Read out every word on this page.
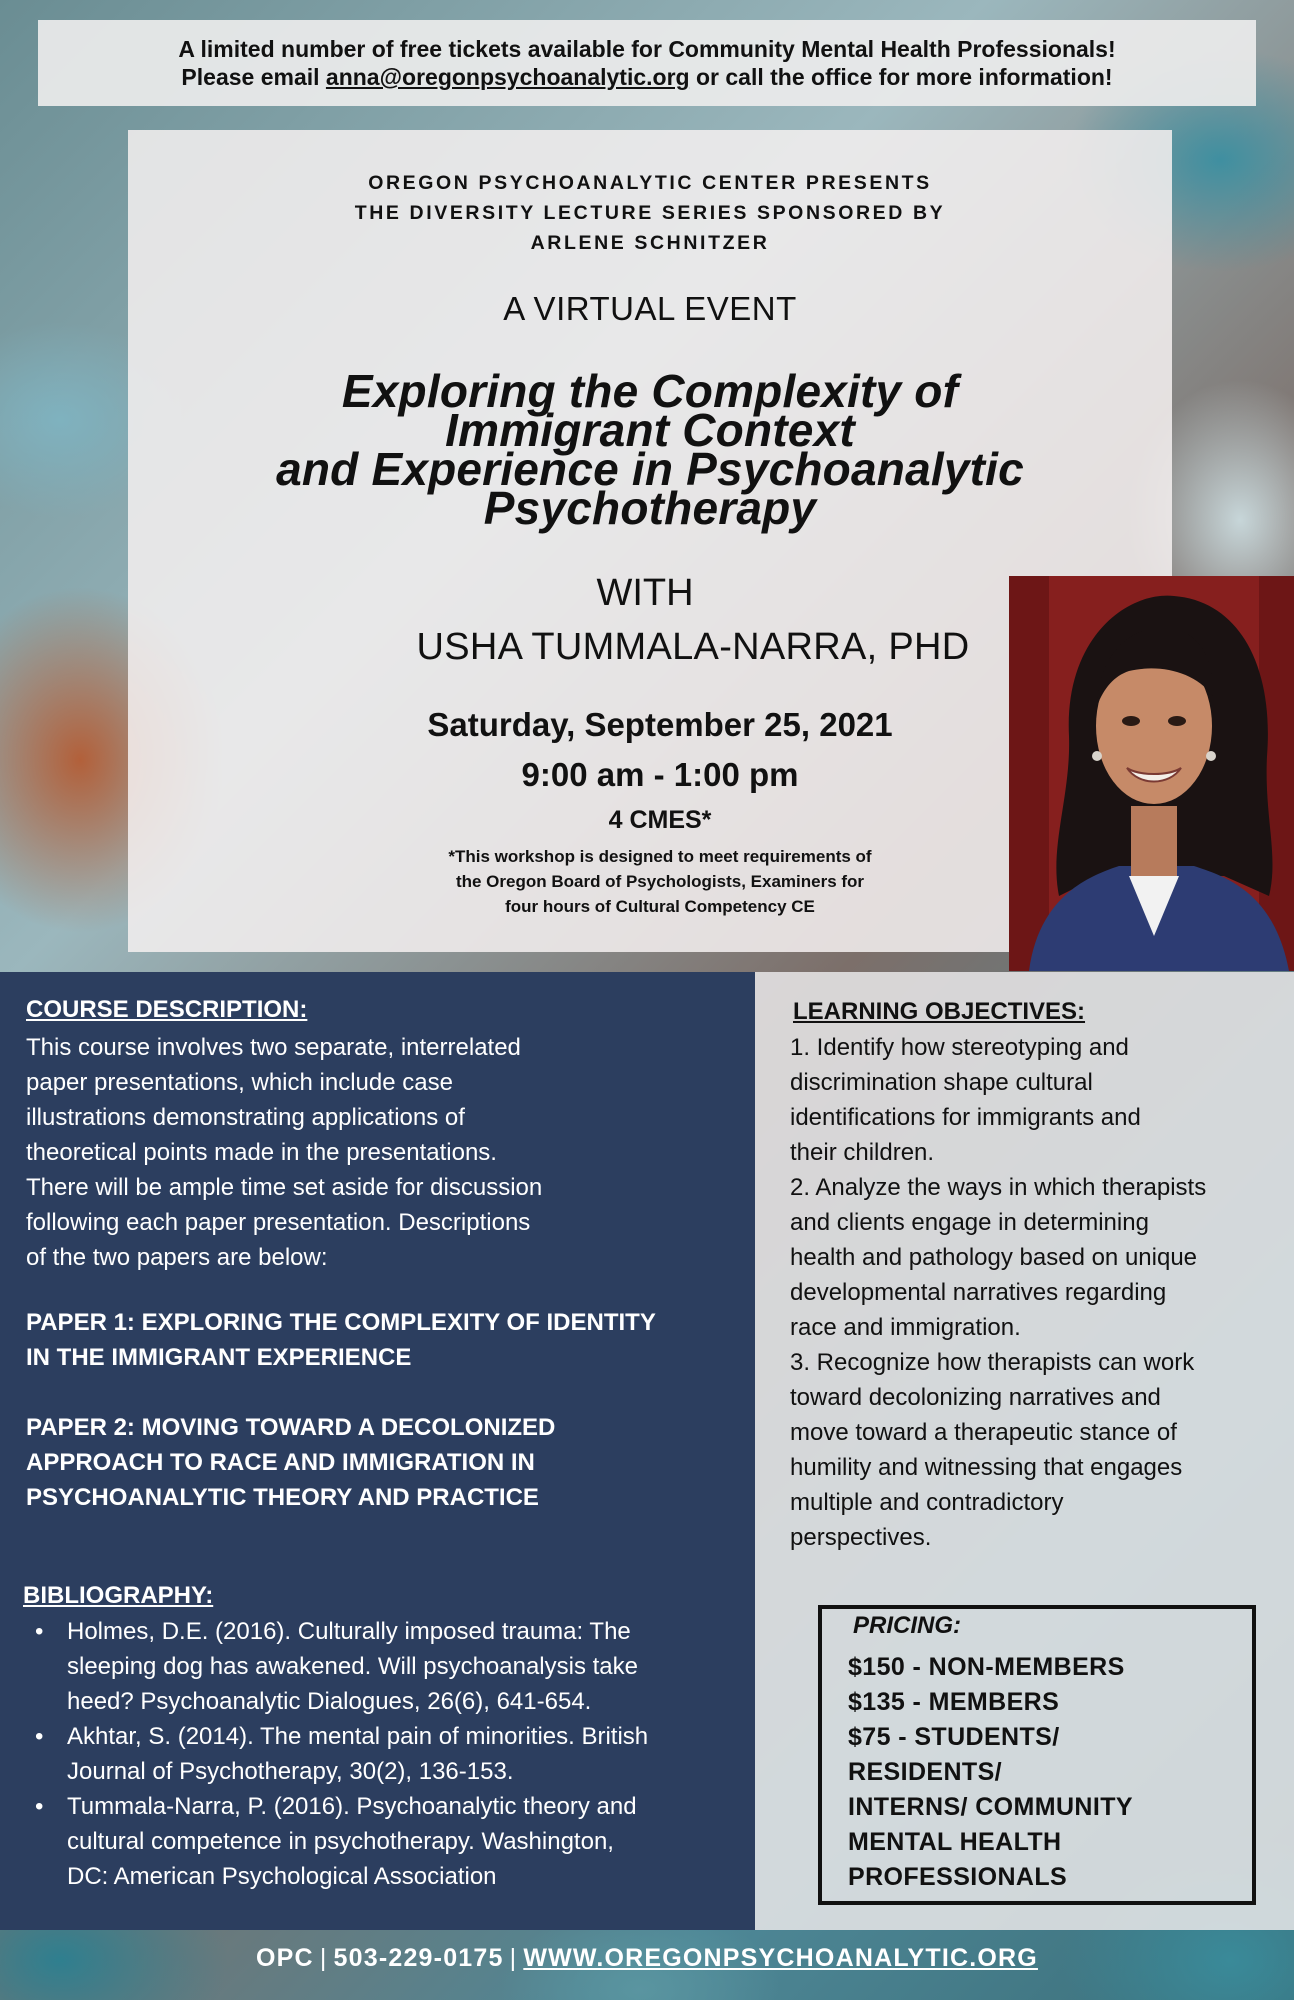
A limited number of free tickets available for Community Mental Health Professionals!
Please email anna@oregonpsychoanalytic.org or call the office for more information!
OREGON PSYCHOANALYTIC CENTER PRESENTS
THE DIVERSITY LECTURE SERIES SPONSORED BY
ARLENE SCHNITZER
A VIRTUAL EVENT
Exploring the Complexity of
Immigrant Context
and Experience in Psychoanalytic
Psychotherapy
WITH
USHA TUMMALA-NARRA, PHD
Saturday, September 25, 2021
9:00 am - 1:00 pm
4 CMES*
*This workshop is designed to meet requirements of
the Oregon Board of Psychologists, Examiners for
four hours of Cultural Competency CE
COURSE DESCRIPTION:
This course involves two separate, interrelated
paper presentations, which include case
illustrations demonstrating applications of
theoretical points made in the presentations.
There will be ample time set aside for discussion
following each paper presentation. Descriptions
of the two papers are below:
PAPER 1: EXPLORING THE COMPLEXITY OF IDENTITY
IN THE IMMIGRANT EXPERIENCE
PAPER 2: MOVING TOWARD A DECOLONIZED
APPROACH TO RACE AND IMMIGRATION IN
PSYCHOANALYTIC THEORY AND PRACTICE
BIBLIOGRAPHY:
• Holmes, D.E. (2016). Culturally imposed trauma: The
sleeping dog has awakened. Will psychoanalysis take
heed? Psychoanalytic Dialogues, 26(6), 641-654.
• Akhtar, S. (2014). The mental pain of minorities. British
Journal of Psychotherapy, 30(2), 136-153.
• Tummala-Narra, P. (2016). Psychoanalytic theory and
cultural competence in psychotherapy. Washington,
DC: American Psychological Association
LEARNING OBJECTIVES:
1. Identify how stereotyping and
discrimination shape cultural
identifications for immigrants and
their children.
2. Analyze the ways in which therapists
and clients engage in determining
health and pathology based on unique
developmental narratives regarding
race and immigration.
3. Recognize how therapists can work
toward decolonizing narratives and
move toward a therapeutic stance of
humility and witnessing that engages
multiple and contradictory
perspectives.
PRICING:
$150 - NON-MEMBERS
$135 - MEMBERS
$75 - STUDENTS/
RESIDENTS/
INTERNS/ COMMUNITY
MENTAL HEALTH
PROFESSIONALS
OPC | 503-229-0175 | WWW.OREGONPSYCHOANALYTIC.ORG
